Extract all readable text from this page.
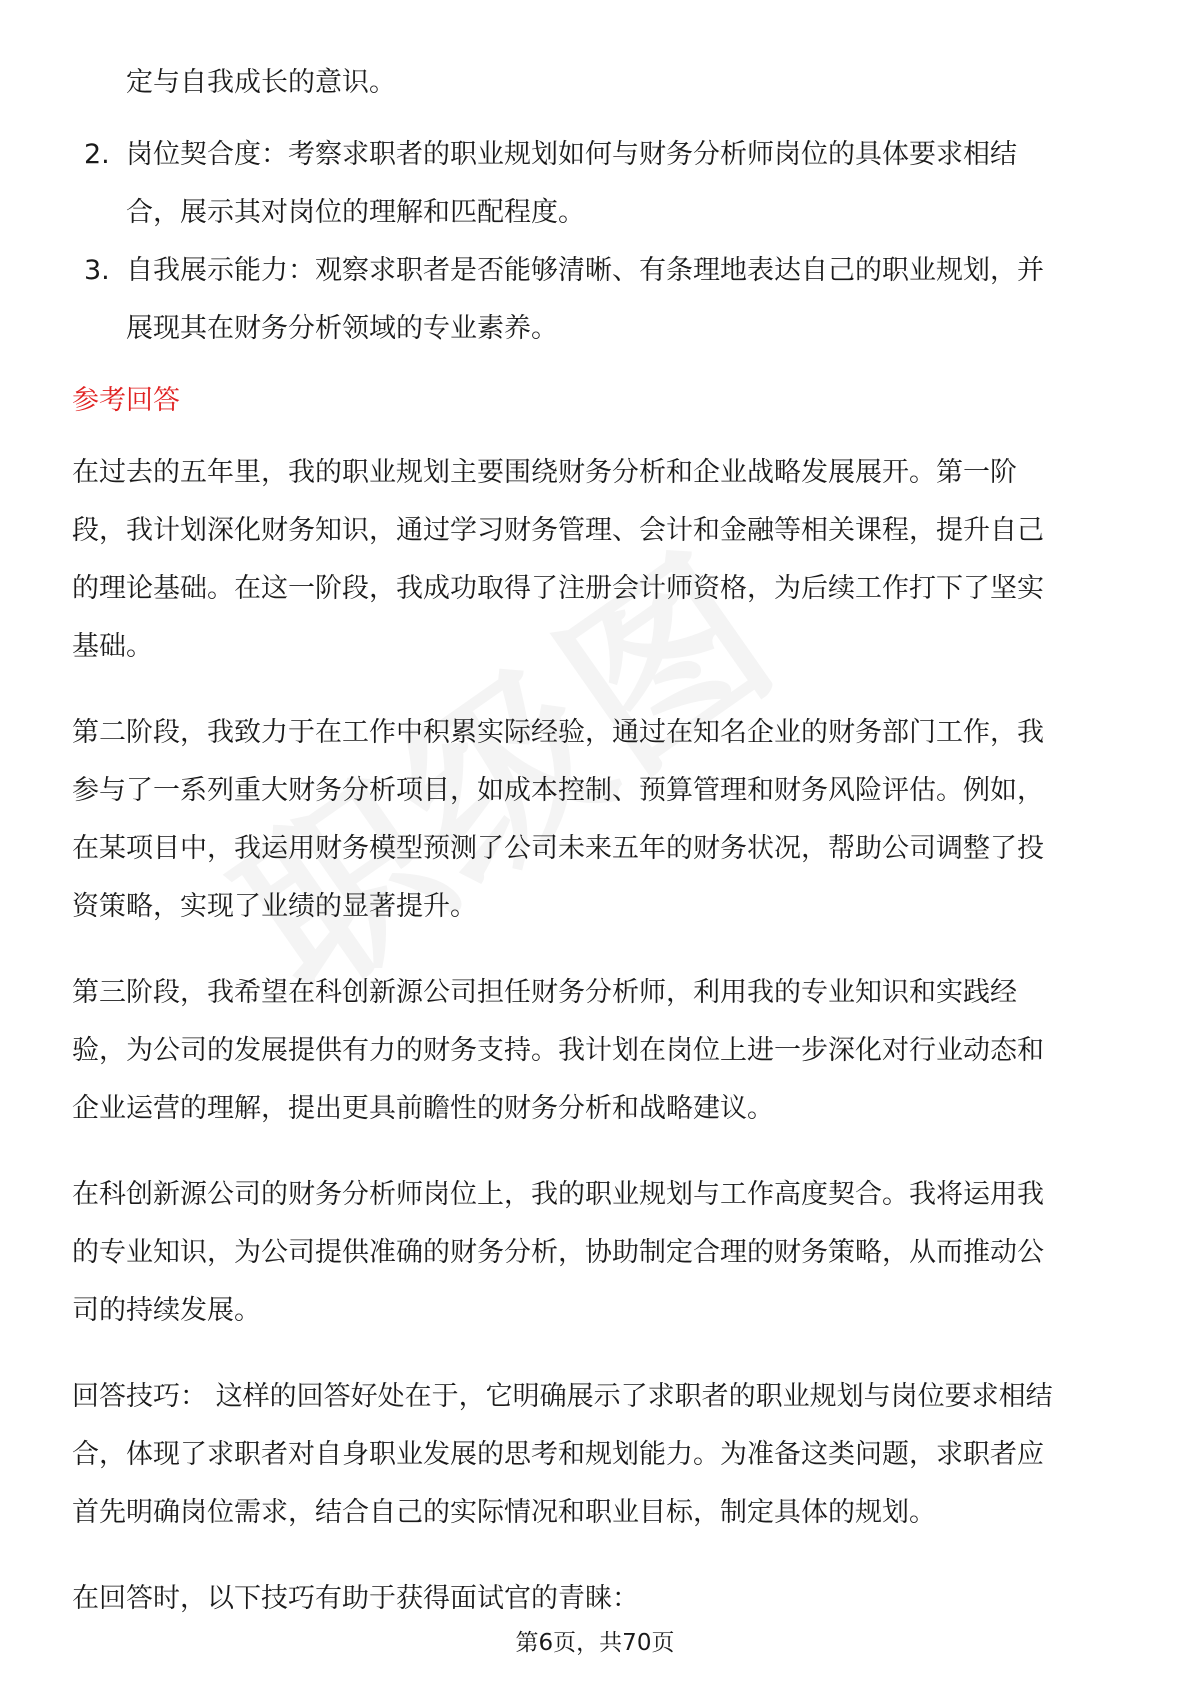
定与自我成长的意识。
2. 岗位契合度：考察求职者的职业规划如何与财务分析师岗位的具体要求相结
合，展示其对岗位的理解和匹配程度。
3. 自我展示能力：观察求职者是否能够清晰、有条理地表达自己的职业规划，并
展现其在财务分析领域的专业素养。
参考回答
在过去的五年里，我的职业规划主要围绕财务分析和企业战略发展展开。第一阶
段，我计划深化财务知识，通过学习财务管理、会计和金融等相关课程，提升自己
的理论基础。在这一阶段，我成功取得了注册会计师资格，为后续工作打下了坚实
基础。
第二阶段，我致力于在工作中积累实际经验，通过在知名企业的财务部门工作，我
参与了一系列重大财务分析项目，如成本控制、预算管理和财务风险评估。例如，
在某项目中，我运用财务模型预测了公司未来五年的财务状况，帮助公司调整了投
资策略，实现了业绩的显著提升。
第三阶段，我希望在科创新源公司担任财务分析师，利用我的专业知识和实践经
验，为公司的发展提供有力的财务支持。我计划在岗位上进一步深化对行业动态和
企业运营的理解，提出更具前瞻性的财务分析和战略建议。
在科创新源公司的财务分析师岗位上，我的职业规划与工作高度契合。我将运用我
的专业知识，为公司提供准确的财务分析，协助制定合理的财务策略，从而推动公
司的持续发展。
回答技巧： 这样的回答好处在于，它明确展示了求职者的职业规划与岗位要求相结
合，体现了求职者对自身职业发展的思考和规划能力。为准备这类问题，求职者应
首先明确岗位需求，结合自己的实际情况和职业目标，制定具体的规划。
在回答时，以下技巧有助于获得面试官的青睐：
第6页，共70页
